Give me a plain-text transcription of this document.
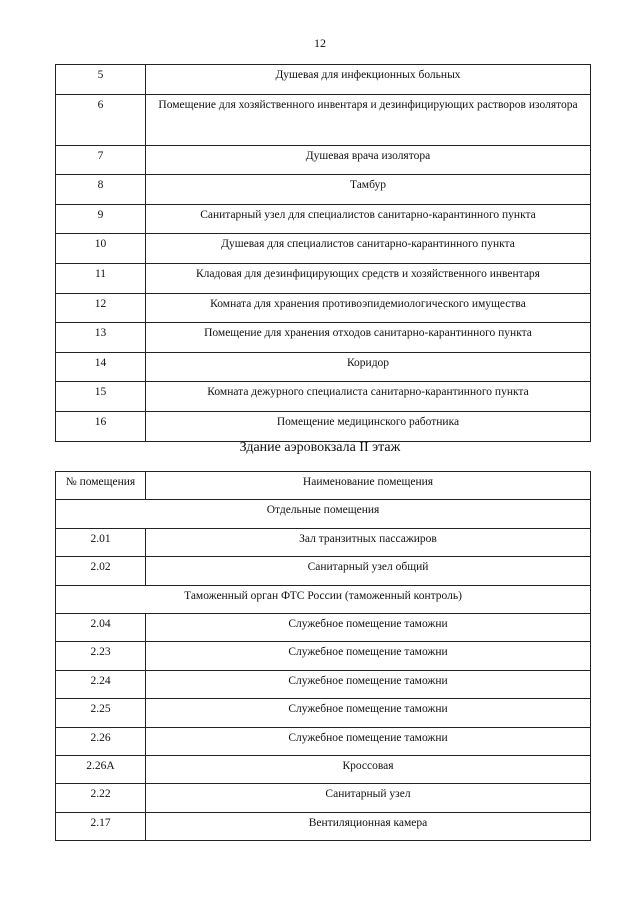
12
5	Душевая для инфекционных больных
6	Помещение для хозяйственного инвентаря и дезинфицирующих растворов изолятора
7	Душевая врача изолятора
8	Тамбур
9	Санитарный узел для специалистов санитарно-карантинного пункта
10	Душевая для специалистов санитарно-карантинного пункта
11	Кладовая для дезинфицирующих средств и хозяйственного инвентаря
12	Комната для хранения противоэпидемиологического имущества
13	Помещение для хранения отходов санитарно-карантинного пункта
14	Коридор
15	Комната дежурного специалиста санитарно-карантинного пункта
16	Помещение медицинского работника
Здание аэровокзала II этаж
№ помещения	Наименование помещения
Отдельные помещения	
2.01	Зал транзитных пассажиров
2.02	Санитарный узел общий
Таможенный орган ФТС России (таможенный контроль)	
2.04	Служебное помещение таможни
2.23	Служебное помещение таможни
2.24	Служебное помещение таможни
2.25	Служебное помещение таможни
2.26	Служебное помещение таможни
2.26А	Кроссовая
2.22	Санитарный узел
2.17	Вентиляционная камера
